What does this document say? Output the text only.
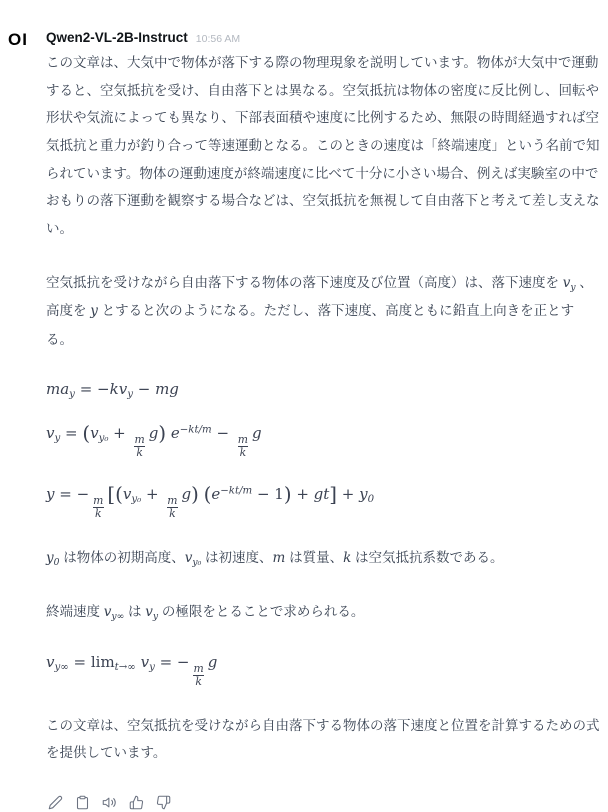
OI	Qwen2-VL-2B-Instruct 10:56 AM
この文章は、大気中で物体が落下する際の物理現象を説明しています。物体が大気中で運動すると、空気抵抗を受け、自由落下とは異なる。空気抵抗は物体の密度に反比例し、回転や形状や気流によっても異なり、下部表面積や速度に比例するため、無限の時間経過すれば空気抵抗と重力が釣り合って等速運動となる。このときの速度は「終端速度」という名前で知られています。物体の運動速度が終端速度に比べて十分に小さい場合、例えば実験室の中でおもりの落下運動を観察する場合などは、空気抵抗を無視して自由落下と考えて差し支えない。
空気抵抗を受けながら自由落下する物体の落下速度及び位置（高度）は、落下速度を $v_y$ 、高度を y とすると次のようになる。ただし、落下速度、高度ともに鉛直上向きを正とする。
$ma_y = -kv_y$ − mg
$v_y = (v_{y_0}$ +
$\frac{m}{k}$
g) $e^{-kt/m}$ −
$\frac{m}{k}$
g
y = −
$\frac{m}{k}$
[($v_{y_0}$ +
$\frac{m}{k}$
g) $(e^{-kt/m} - 1) + gt] + y_0$
$y_0$ は物体の初期高度、$v_{y_0}$ は初速度、m は質量、k は空気抵抗系数である。
終端速度 $v_{y\infty}$ は $v_y$ の極限をとることで求められる。
$v_{y\infty} = \lim_{t\to\infty} v_y$ = −
$\frac{m}{k}$
g
この文章は、空気抵抗を受けながら自由落下する物体の落下速度と位置を計算するための式を提供しています。
